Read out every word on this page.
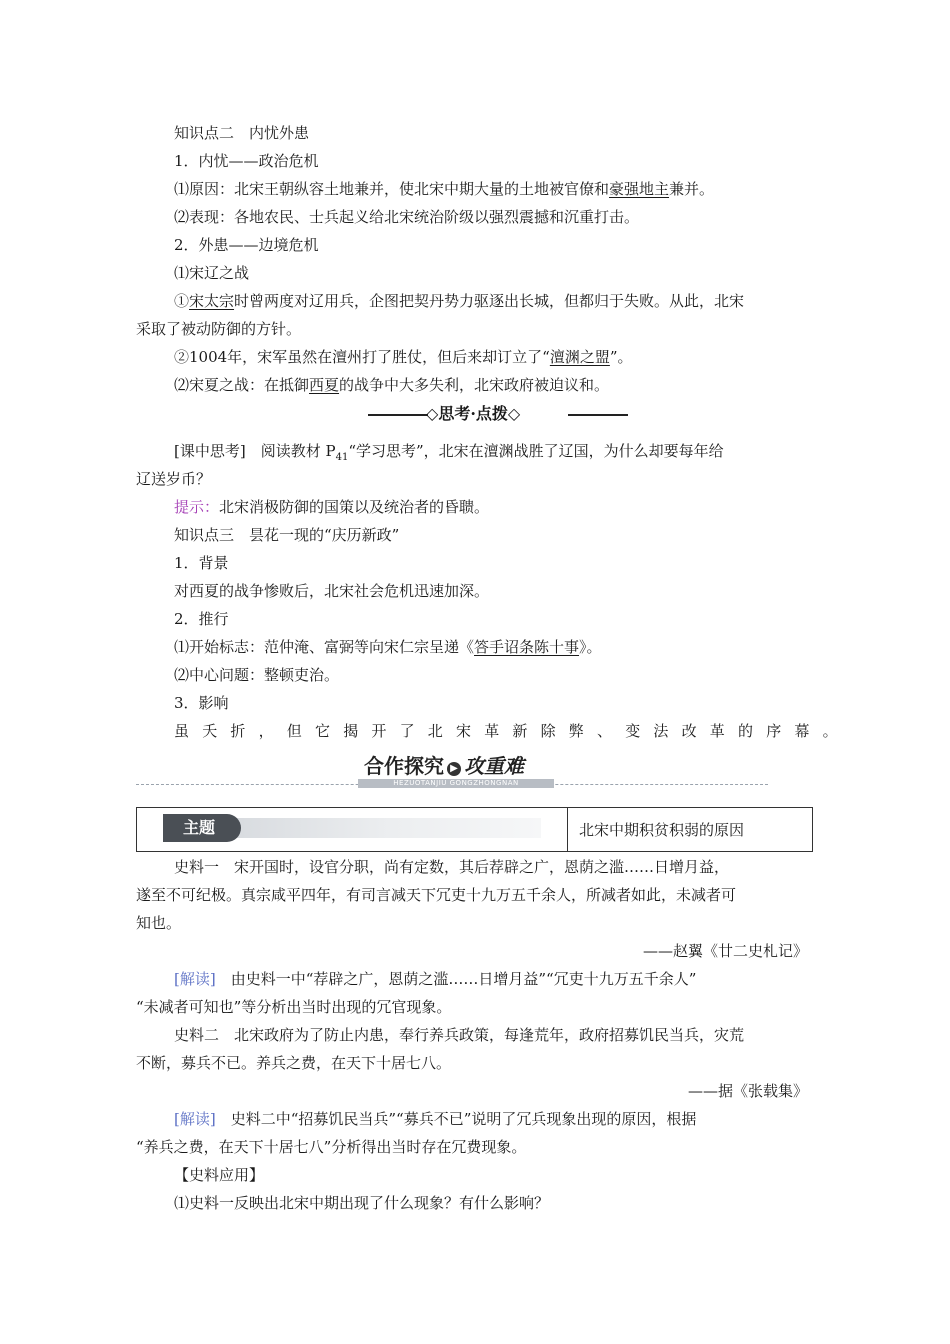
知识点二　内忧外患
1．内忧——政治危机
⑴原因：北宋王朝纵容土地兼并，使北宋中期大量的土地被官僚和豪强地主兼并。
⑵表现：各地农民、士兵起义给北宋统治阶级以强烈震撼和沉重打击。
2．外患——边境危机
⑴宋辽之战
①宋太宗时曾两度对辽用兵，企图把契丹势力驱逐出长城，但都归于失败。从此，北宋
采取了被动防御的方针。
②1004年，宋军虽然在澶州打了胜仗，但后来却订立了“澶渊之盟”。
⑵宋夏之战：在抵御西夏的战争中大多失利，北宋政府被迫议和。
◇思考·点拨◇
[课中思考]　阅读教材 $P_{41}“$学习思考”，北宋在澶渊战胜了辽国，为什么却要每年给
辽送岁币？
提示：北宋消极防御的国策以及统治者的昏聩。
知识点三　昙花一现的“庆历新政”
1．背景
对西夏的战争惨败后，北宋社会危机迅速加深。
2．推行
⑴开始标志：范仲淹、富弼等向宋仁宗呈递《答手诏条陈十事》。
⑵中心问题：整顿吏治。
3．影响
虽夭折，但它揭开了北宋革新除弊、变法改革的序幕。
合作探究 ▶ 攻重难
HEZUOTANJIU GONGZHONGNAN
主题	北宋中期积贫积弱的原因
史料一　宋开国时，设官分职，尚有定数，其后荐辟之广，恩荫之滥……日增月益，
遂至不可纪极。真宗咸平四年，有司言减天下冗吏十九万五千余人，所减者如此，未减者可
知也。
——赵翼《廿二史札记》
[解读]　由史料一中“荐辟之广，恩荫之滥……日增月益”“冗吏十九万五千余人”
“未减者可知也”等分析出当时出现的冗官现象。
史料二　北宋政府为了防止内患，奉行养兵政策，每逢荒年，政府招募饥民当兵，灾荒
不断，募兵不已。养兵之费，在天下十居七八。
——据《张载集》
[解读]　史料二中“招募饥民当兵”“募兵不已”说明了冗兵现象出现的原因，根据
“养兵之费，在天下十居七八”分析得出当时存在冗费现象。
【史料应用】
⑴史料一反映出北宋中期出现了什么现象？有什么影响？
